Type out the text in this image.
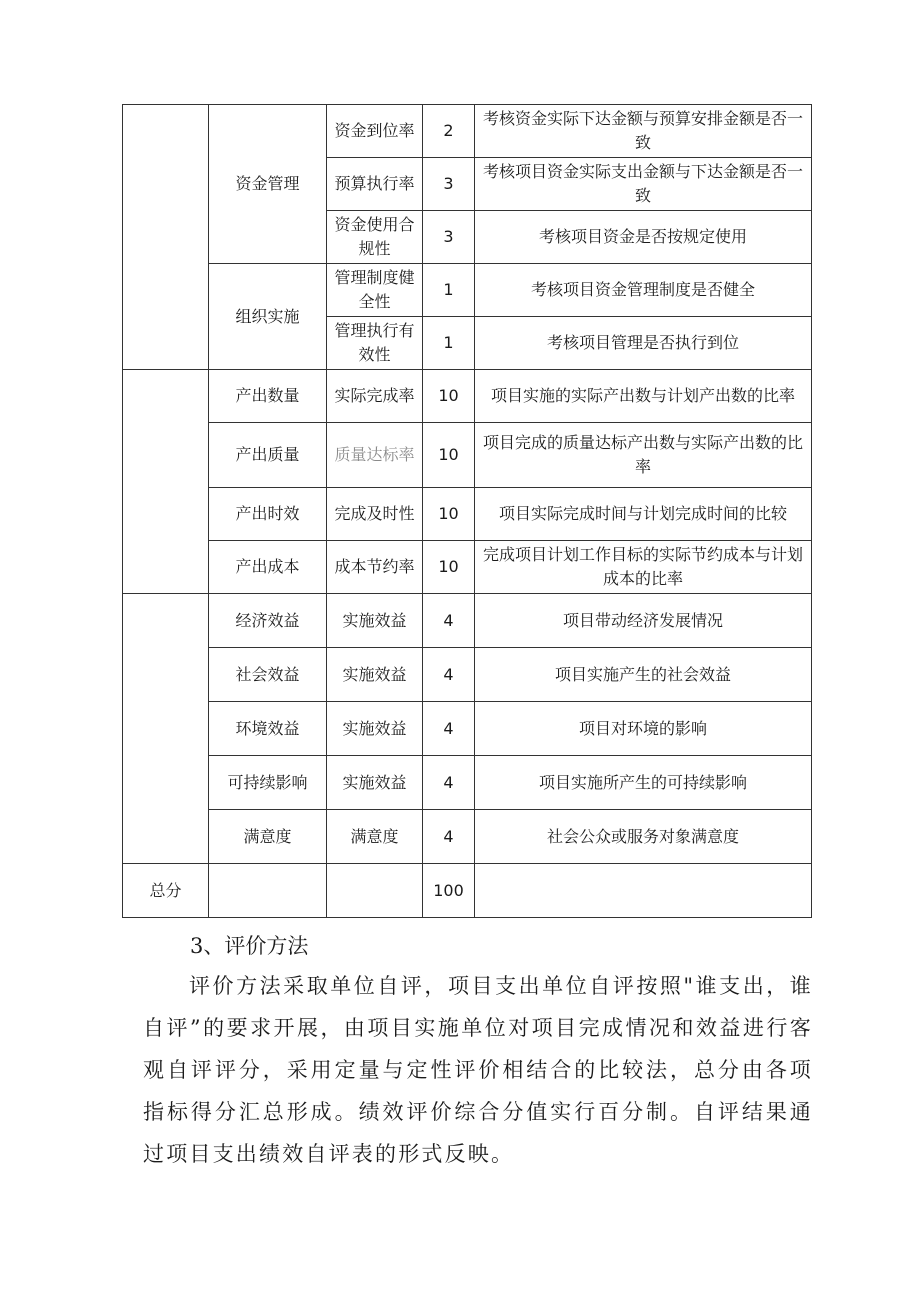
	资金管理	资金到位率	2	考核资金实际下达金额与预算安排金额是否一致
		预算执行率	3	考核项目资金实际支出金额与下达金额是否一致
		资金使用合规性	3	考核项目资金是否按规定使用
	组织实施	管理制度健全性	1	考核项目资金管理制度是否健全
		管理执行有效性	1	考核项目管理是否执行到位
	产出数量	实际完成率	10	项目实施的实际产出数与计划产出数的比率
	产出质量	质量达标率	10	项目完成的质量达标产出数与实际产出数的比率
	产出时效	完成及时性	10	项目实际完成时间与计划完成时间的比较
	产出成本	成本节约率	10	完成项目计划工作目标的实际节约成本与计划成本的比率
	经济效益	实施效益	4	项目带动经济发展情况
	社会效益	实施效益	4	项目实施产生的社会效益
	环境效益	实施效益	4	项目对环境的影响
	可持续影响	实施效益	4	项目实施所产生的可持续影响
	满意度	满意度	4	社会公众或服务对象满意度
总分			100	
3、评价方法

评价方法采取单位自评，项目支出单位自评按照"谁支出，谁自评”的要求开展，由项目实施单位对项目完成情况和效益进行客观自评评分，采用定量与定性评价相结合的比较法，总分由各项指标得分汇总形成。绩效评价综合分值实行百分制。自评结果通过项目支出绩效自评表的形式反映。
